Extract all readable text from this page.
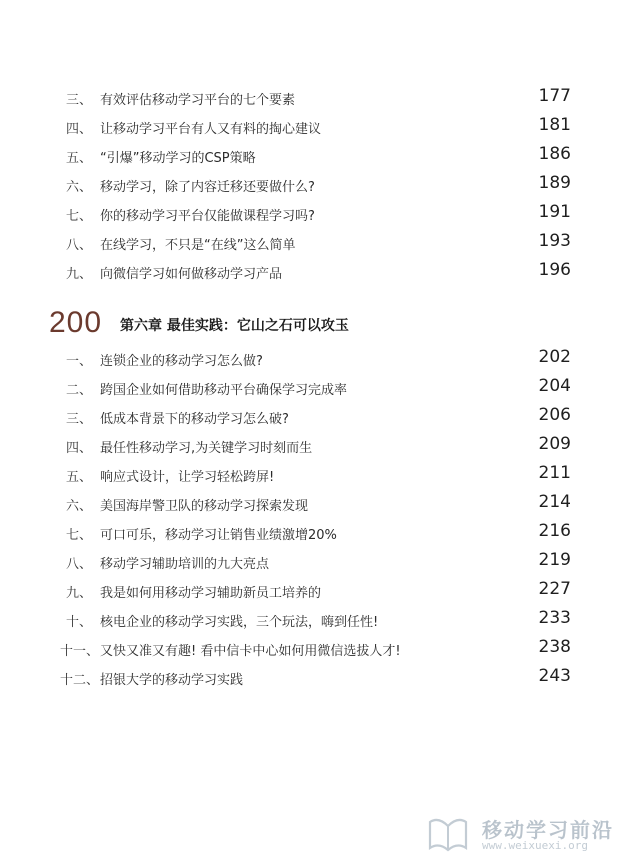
三、 有效评估移动学习平台的七个要素	177
四、 让移动学习平台有人又有料的掏心建议	181
五、 “引爆”移动学习的CSP策略	186
六、 移动学习，除了内容迁移还要做什么?	189
七、 你的移动学习平台仅能做课程学习吗?	191
八、 在线学习，不只是“在线”这么简单	193
九、 向微信学习如何做移动学习产品	196
200 第六章 最佳实践：它山之石可以攻玉
一、 连锁企业的移动学习怎么做?	202
二、 跨国企业如何借助移动平台确保学习完成率	204
三、 低成本背景下的移动学习怎么破?	206
四、 最任性移动学习,为关键学习时刻而生	209
五、 响应式设计，让学习轻松跨屏!	211
六、 美国海岸警卫队的移动学习探索发现	214
七、 可口可乐，移动学习让销售业绩激增20%	216
八、 移动学习辅助培训的九大亮点	219
九、 我是如何用移动学习辅助新员工培养的	227
十、 核电企业的移动学习实践，三个玩法，嗨到任性!	233
十一、 又快又准又有趣! 看中信卡中心如何用微信选拔人才!	238
十二、 招银大学的移动学习实践	243
移动学习前沿
www.weixuexi.org
